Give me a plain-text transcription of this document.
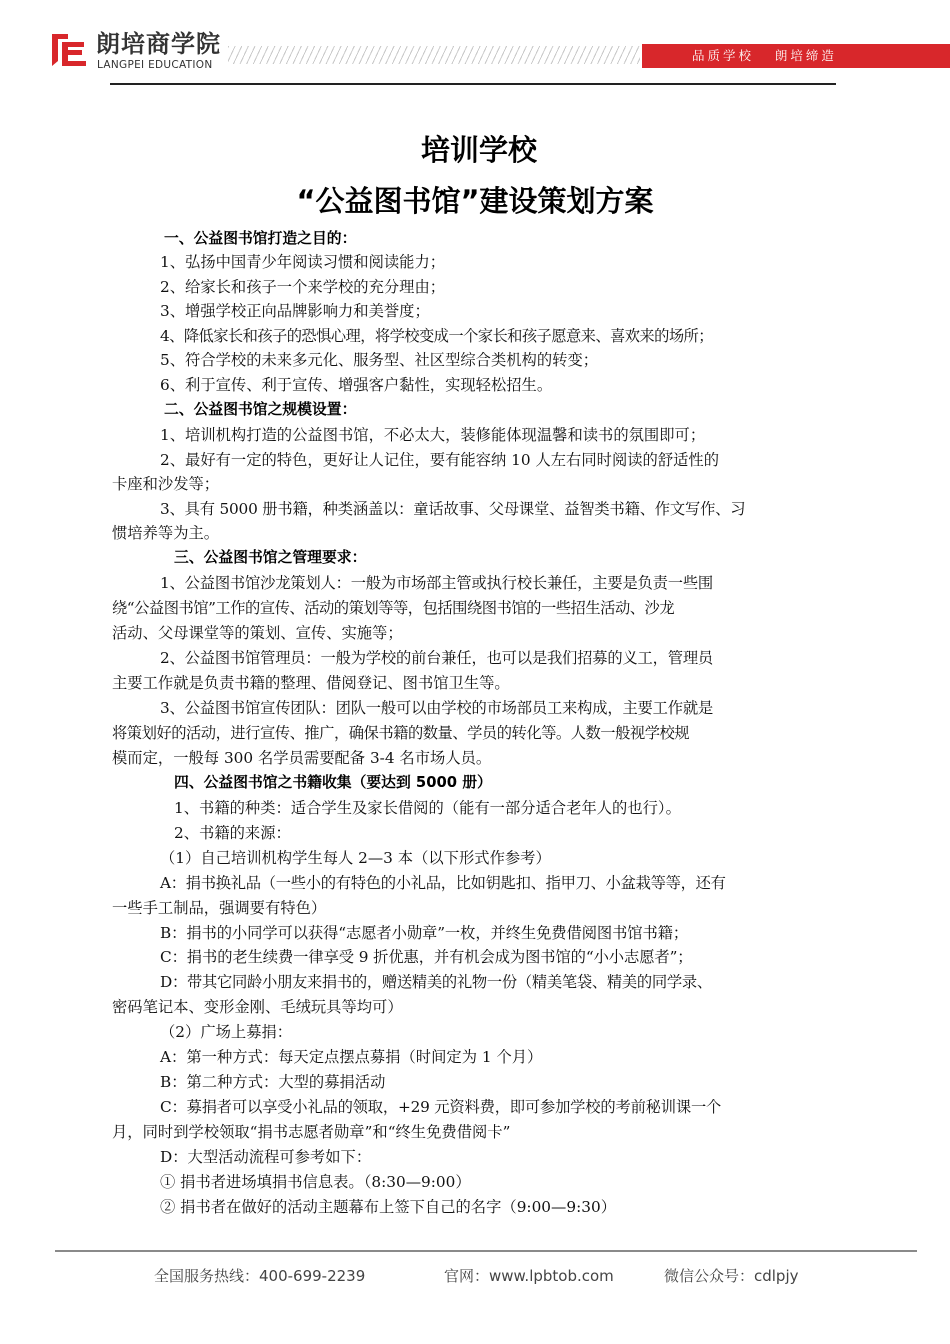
朗培商学院
LANGPEI EDUCATION
品质学校   朗培缔造
培训学校
“公益图书馆”建设策划方案
一、公益图书馆打造之目的：
1、弘扬中国青少年阅读习惯和阅读能力；
2、给家长和孩子一个来学校的充分理由；
3、增强学校正向品牌影响力和美誉度；
4、降低家长和孩子的恐惧心理，将学校变成一个家长和孩子愿意来、喜欢来的场所；
5、符合学校的未来多元化、服务型、社区型综合类机构的转变；
6、利于宣传、利于宣传、增强客户黏性，实现轻松招生。
二、公益图书馆之规模设置：
1、培训机构打造的公益图书馆，不必太大，装修能体现温馨和读书的氛围即可；
2、最好有一定的特色，更好让人记住，要有能容纳 10 人左右同时阅读的舒适性的
卡座和沙发等；
3、具有 5000 册书籍，种类涵盖以：童话故事、父母课堂、益智类书籍、作文写作、习
惯培养等为主。
三、公益图书馆之管理要求：
1、公益图书馆沙龙策划人：一般为市场部主管或执行校长兼任，主要是负责一些围
绕“公益图书馆”工作的宣传、活动的策划等等，包括围绕图书馆的一些招生活动、沙龙
活动、父母课堂等的策划、宣传、实施等；
2、公益图书馆管理员：一般为学校的前台兼任，也可以是我们招募的义工，管理员
主要工作就是负责书籍的整理、借阅登记、图书馆卫生等。
3、公益图书馆宣传团队：团队一般可以由学校的市场部员工来构成，主要工作就是
将策划好的活动，进行宣传、推广，确保书籍的数量、学员的转化等。人数一般视学校规
模而定，一般每 300 名学员需要配备 3-4 名市场人员。
四、公益图书馆之书籍收集（要达到 5000 册）
1、书籍的种类：适合学生及家长借阅的（能有一部分适合老年人的也行）。
2、书籍的来源：
（1）自己培训机构学生每人 2—3 本（以下形式作参考）
A：捐书换礼品（一些小的有特色的小礼品，比如钥匙扣、指甲刀、小盆栽等等，还有
一些手工制品，强调要有特色）
B：捐书的小同学可以获得“志愿者小勋章”一枚，并终生免费借阅图书馆书籍；
C：捐书的老生续费一律享受 9 折优惠，并有机会成为图书馆的“小小志愿者”；
D：带其它同龄小朋友来捐书的，赠送精美的礼物一份（精美笔袋、精美的同学录、
密码笔记本、变形金刚、毛绒玩具等均可）
（2）广场上募捐：
A：第一种方式：每天定点摆点募捐（时间定为 1 个月）
B：第二种方式：大型的募捐活动
C：募捐者可以享受小礼品的领取，+29 元资料费，即可参加学校的考前秘训课一个
月，同时到学校领取“捐书志愿者勋章”和“终生免费借阅卡”
D：大型活动流程可参考如下：
① 捐书者进场填捐书信息表。（8:30—9:00）
② 捐书者在做好的活动主题幕布上签下自己的名字（9:00—9:30）
全国服务热线：400-699-2239	官网：www.lpbtob.com	微信公众号：cdlpjy
